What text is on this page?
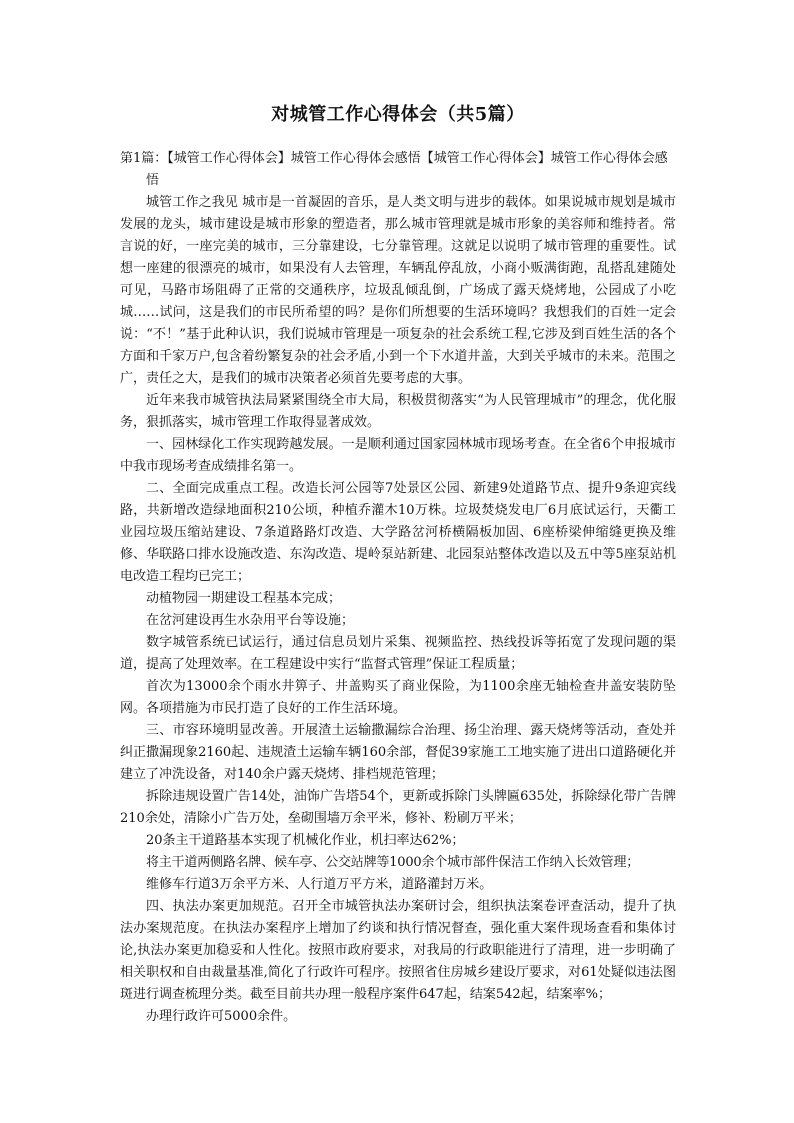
对城管工作心得体会（共5篇）

第1篇：【城管工作心得体会】城管工作心得体会感悟【城管工作心得体会】城管工作心得体会感悟

城管工作之我见 城市是一首凝固的音乐，是人类文明与进步的载体。如果说城市规划是城市发展的龙头，城市建设是城市形象的塑造者，那么城市管理就是城市形象的美容师和维持者。常言说的好，一座完美的城市，三分靠建设，七分靠管理。这就足以说明了城市管理的重要性。试想一座建的很漂亮的城市，如果没有人去管理，车辆乱停乱放，小商小贩满街跑，乱搭乱建随处可见，马路市场阻碍了正常的交通秩序，垃圾乱倾乱倒，广场成了露天烧烤地，公园成了小吃城……试问，这是我们的市民所希望的吗？是你们所想要的生活环境吗？我想我们的百姓一定会说：“不！”基于此种认识，我们说城市管理是一项复杂的社会系统工程,它涉及到百姓生活的各个方面和千家万户,包含着纷繁复杂的社会矛盾,小到一个下水道井盖，大到关乎城市的未来。范围之广，责任之大，是我们的城市决策者必须首先要考虑的大事。

近年来我市城管执法局紧紧围绕全市大局，积极贯彻落实“为人民管理城市”的理念，优化服务，狠抓落实，城市管理工作取得显著成效。

一、园林绿化工作实现跨越发展。一是顺利通过国家园林城市现场考查。在全省6个申报城市中我市现场考查成绩排名第一。

二、全面完成重点工程。改造长河公园等7处景区公园、新建9处道路节点、提升9条迎宾线路，共新增改造绿地面积210公顷，种植乔灌木10万株。垃圾焚烧发电厂6月底试运行，天衢工业园垃圾压缩站建设、7条道路路灯改造、大学路岔河桥横隔板加固、6座桥梁伸缩缝更换及维修、华联路口排水设施改造、东沟改造、堤岭泵站新建、北园泵站整体改造以及五中等5座泵站机电改造工程均已完工；

动植物园一期建设工程基本完成；

在岔河建设再生水杂用平台等设施；

数字城管系统已试运行，通过信息员划片采集、视频监控、热线投诉等拓宽了发现问题的渠道，提高了处理效率。在工程建设中实行“监督式管理”保证工程质量；

首次为13000余个雨水井箅子、井盖购买了商业保险，为1100余座无轴检查井盖安装防坠网。各项措施为市民打造了良好的工作生活环境。

三、市容环境明显改善。开展渣土运输撒漏综合治理、扬尘治理、露天烧烤等活动，查处并纠正撒漏现象2160起、违规渣土运输车辆160余部，督促39家施工工地实施了进出口道路硬化并建立了冲洗设备，对140余户露天烧烤、排档规范管理；

拆除违规设置广告14处，油饰广告塔54个，更新或拆除门头牌匾635处，拆除绿化带广告牌210余处，清除小广告万处，垒砌围墙万余平米，修补、粉刷万平米；

20条主干道路基本实现了机械化作业，机扫率达62%；

将主干道两侧路名牌、候车亭、公交站牌等1000余个城市部件保洁工作纳入长效管理；

维修车行道3万余平方米、人行道万平方米，道路灌封万米。

四、执法办案更加规范。召开全市城管执法办案研讨会，组织执法案卷评查活动，提升了执法办案规范度。在执法办案程序上增加了约谈和执行情况督查，强化重大案件现场查看和集体讨论,执法办案更加稳妥和人性化。按照市政府要求，对我局的行政职能进行了清理，进一步明确了相关职权和自由裁量基准,简化了行政许可程序。按照省住房城乡建设厅要求，对61处疑似违法图斑进行调查梳理分类。截至目前共办理一般程序案件647起，结案542起，结案率%；

办理行政许可5000余件。
